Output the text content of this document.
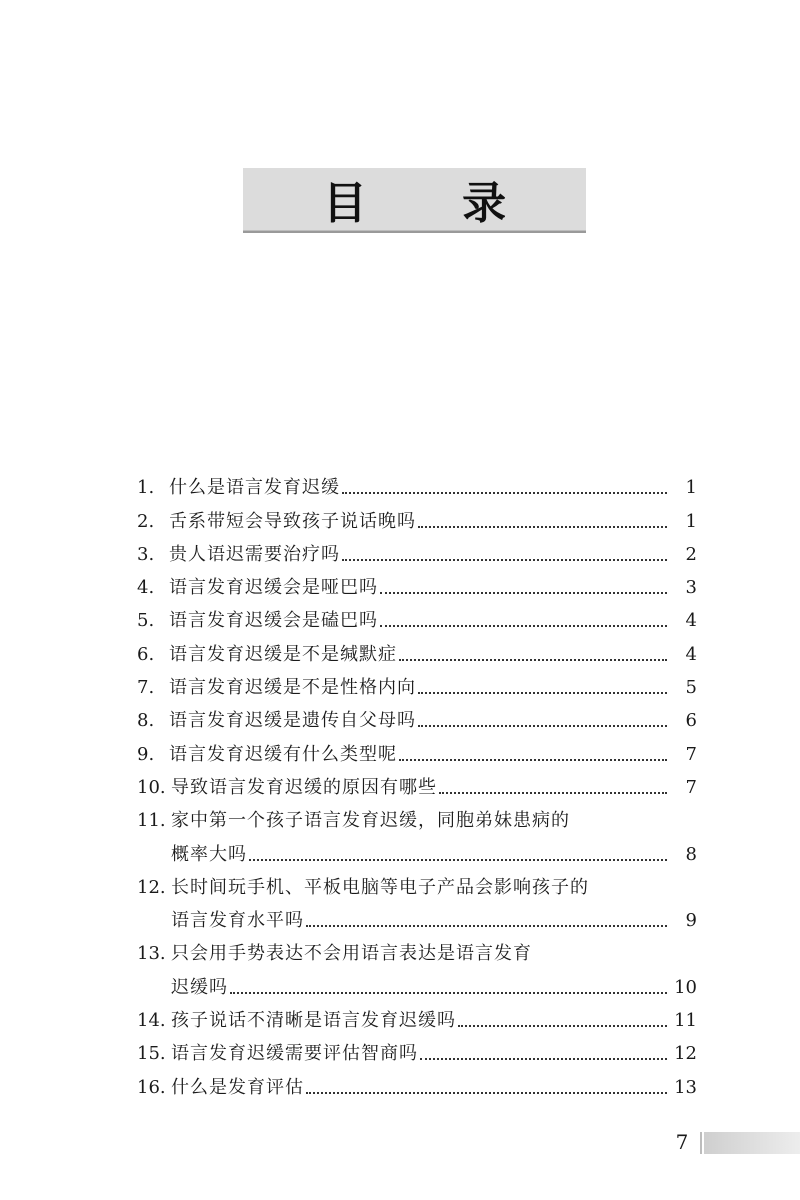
目 录
1. 什么是语言发育迟缓	1
2. 舌系带短会导致孩子说话晚吗	1
3. 贵人语迟需要治疗吗	2
4. 语言发育迟缓会是哑巴吗	3
5. 语言发育迟缓会是磕巴吗	4
6. 语言发育迟缓是不是缄默症	4
7. 语言发育迟缓是不是性格内向	5
8. 语言发育迟缓是遗传自父母吗	6
9. 语言发育迟缓有什么类型呢	7
10. 导致语言发育迟缓的原因有哪些	7
11. 家中第一个孩子语言发育迟缓，同胞弟妹患病的
概率大吗	8
12. 长时间玩手机、平板电脑等电子产品会影响孩子的
语言发育水平吗	9
13. 只会用手势表达不会用语言表达是语言发育
迟缓吗	10
14. 孩子说话不清晰是语言发育迟缓吗	11
15. 语言发育迟缓需要评估智商吗	12
16. 什么是发育评估	13
7
